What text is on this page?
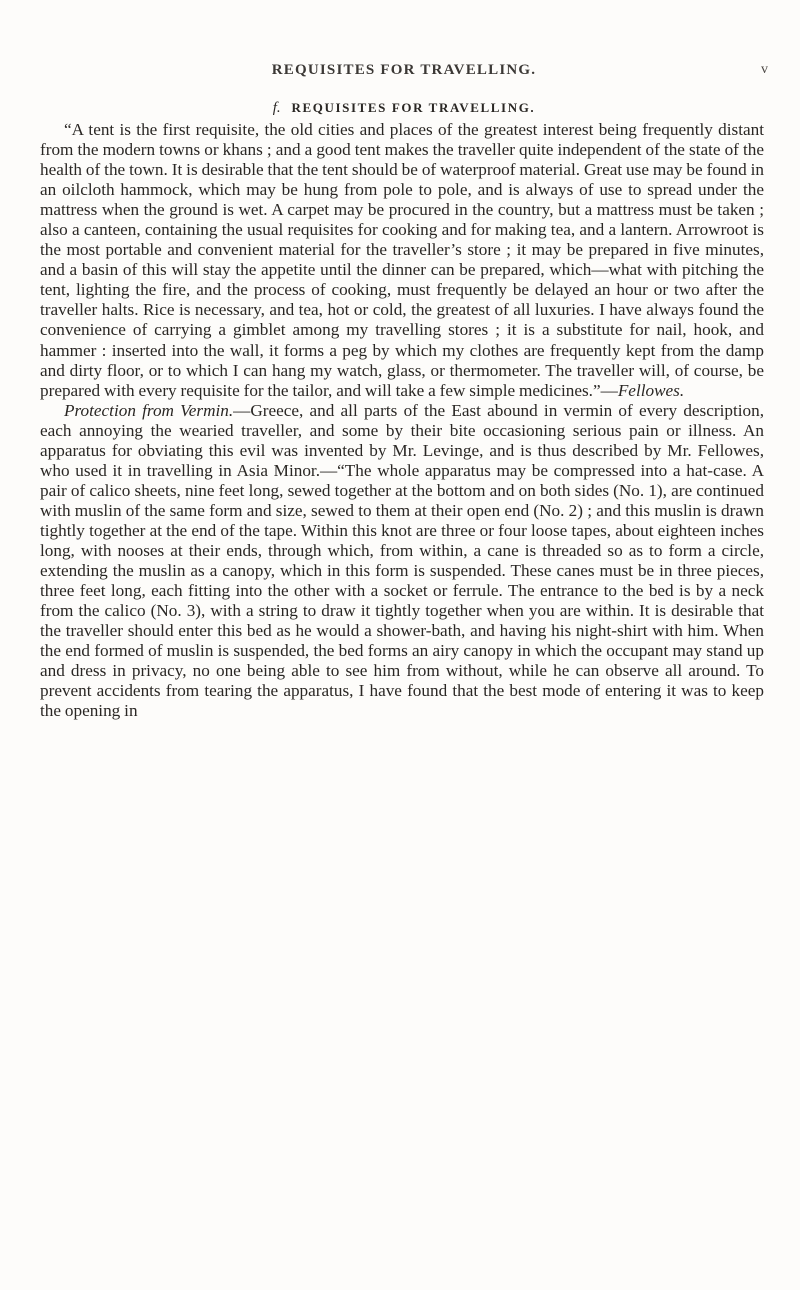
REQUISITES FOR TRAVELLING.	v
f. REQUISITES FOR TRAVELLING.

“A tent is the first requisite, the old cities and places of the greatest interest being frequently distant from the modern towns or khans ; and a good tent makes the traveller quite independent of the state of the health of the town. It is desirable that the tent should be of waterproof material. Great use may be found in an oilcloth hammock, which may be hung from pole to pole, and is always of use to spread under the mattress when the ground is wet. A carpet may be procured in the country, but a mattress must be taken ; also a canteen, containing the usual requisites for cooking and for making tea, and a lantern. Arrowroot is the most portable and convenient material for the traveller’s store ; it may be prepared in five minutes, and a basin of this will stay the appetite until the dinner can be prepared, which—what with pitching the tent, lighting the fire, and the process of cooking, must frequently be delayed an hour or two after the traveller halts. Rice is necessary, and tea, hot or cold, the greatest of all luxuries. I have always found the convenience of carrying a gimblet among my travelling stores ; it is a substitute for nail, hook, and hammer : inserted into the wall, it forms a peg by which my clothes are frequently kept from the damp and dirty floor, or to which I can hang my watch, glass, or thermometer. The traveller will, of course, be prepared with every requisite for the tailor, and will take a few simple medicines.”—Fellowes.

Protection from Vermin.—Greece, and all parts of the East abound in vermin of every description, each annoying the wearied traveller, and some by their bite occasioning serious pain or illness. An apparatus for obviating this evil was invented by Mr. Levinge, and is thus described by Mr. Fellowes, who used it in travelling in Asia Minor.—“The whole apparatus may be compressed into a hat-case. A pair of calico sheets, nine feet long, sewed together at the bottom and on both sides (No. 1), are continued with muslin of the same form and size, sewed to them at their open end (No. 2) ; and this muslin is drawn tightly together at the end of the tape. Within this knot are three or four loose tapes, about eighteen inches long, with nooses at their ends, through which, from within, a cane is threaded so as to form a circle, extending the muslin as a canopy, which in this form is suspended. These canes must be in three pieces, three feet long, each fitting into the other with a socket or ferrule. The entrance to the bed is by a neck from the calico (No. 3), with a string to draw it tightly together when you are within. It is desirable that the traveller should enter this bed as he would a shower-bath, and having his night-shirt with him. When the end formed of muslin is suspended, the bed forms an airy canopy in which the occupant may stand up and dress in privacy, no one being able to see him from without, while he can observe all around. To prevent accidents from tearing the apparatus, I have found that the best mode of entering it was to keep the opening in
